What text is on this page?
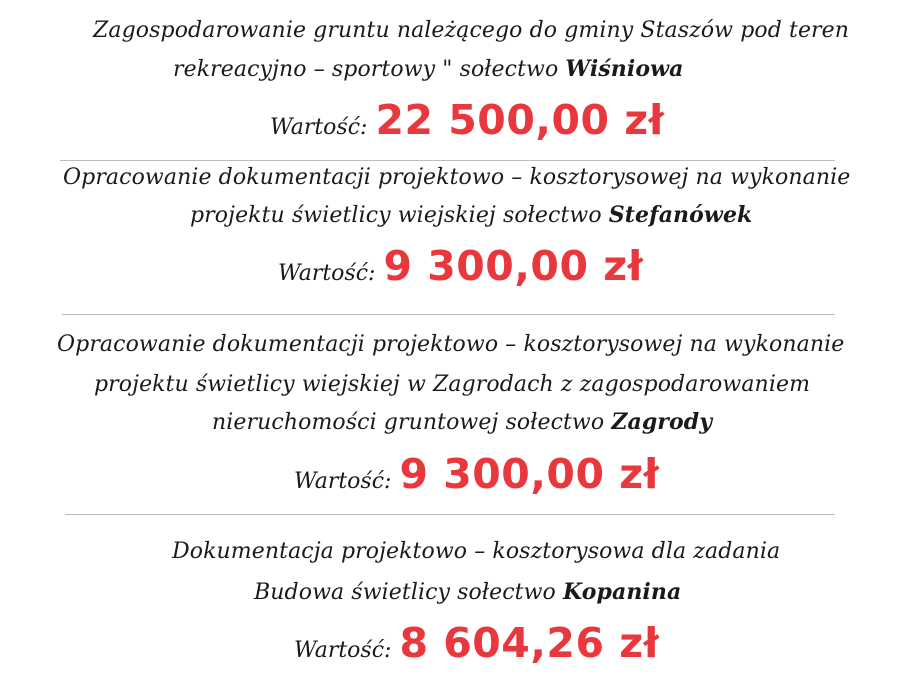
Zagospodarowanie gruntu należącego do gminy Staszów pod teren
rekreacyjno – sportowy " sołectwo Wiśniowa
Wartość: 22 500,00 zł
Opracowanie dokumentacji projektowo – kosztorysowej na wykonanie
projektu świetlicy wiejskiej sołectwo Stefanówek
Wartość: 9 300,00 zł
Opracowanie dokumentacji projektowo – kosztorysowej na wykonanie
projektu świetlicy wiejskiej w Zagrodach z zagospodarowaniem
nieruchomości gruntowej sołectwo Zagrody
Wartość: 9 300,00 zł
Dokumentacja projektowo – kosztorysowa dla zadania
Budowa świetlicy sołectwo Kopanina
Wartość: 8 604,26 zł
